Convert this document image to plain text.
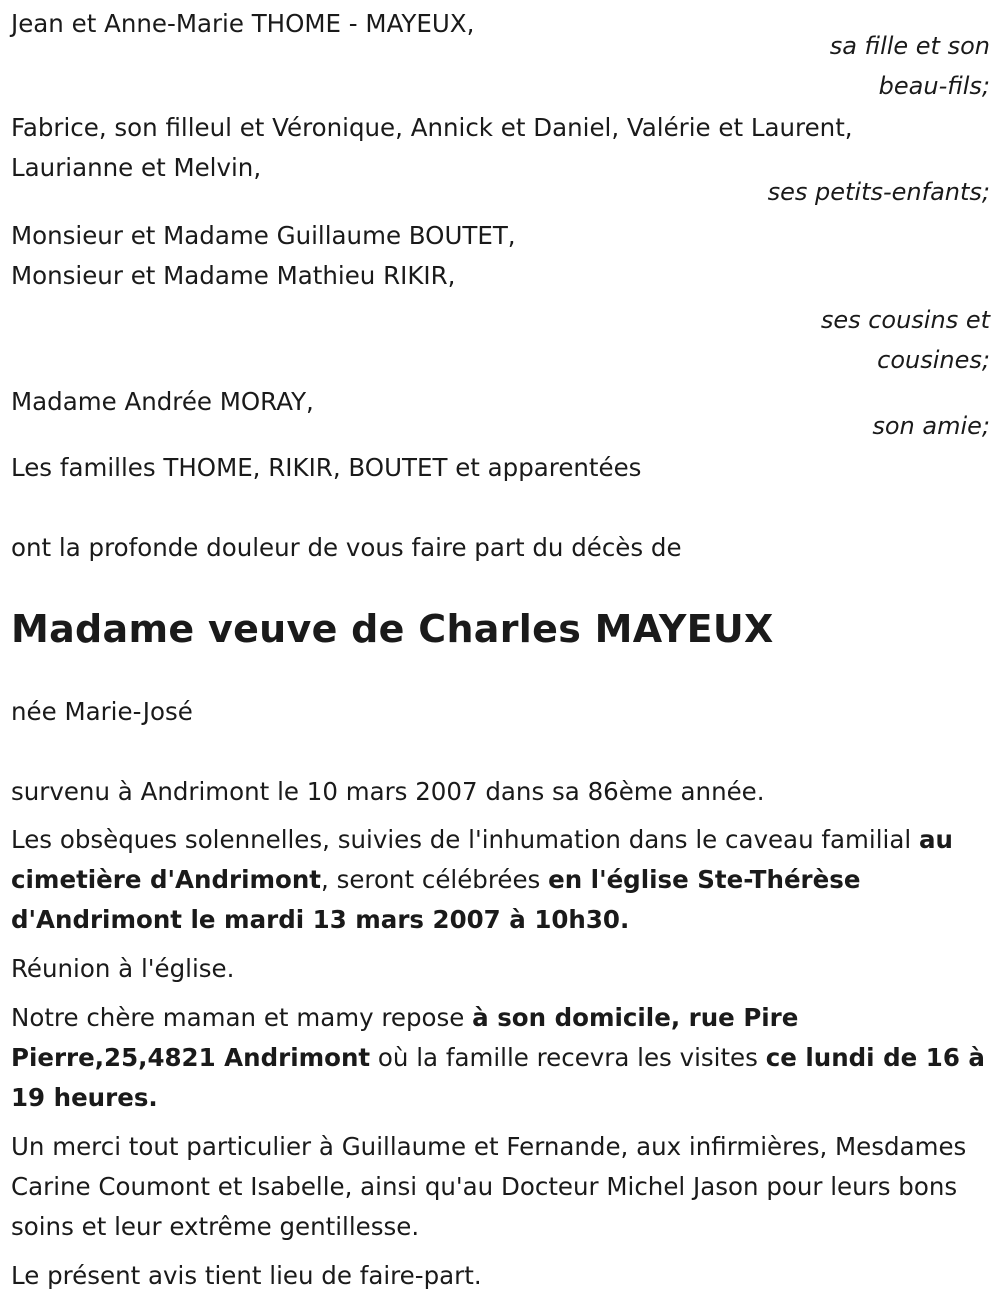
Jean et Anne-Marie THOME - MAYEUX,

sa fille et son

beau-fils;

Fabrice, son filleul et Véronique, Annick et Daniel, Valérie et Laurent,

Laurianne et Melvin,

ses petits-enfants;

Monsieur et Madame Guillaume BOUTET,

Monsieur et Madame Mathieu RIKIR,

ses cousins et

cousines;

Madame Andrée MORAY,

son amie;

Les familles THOME, RIKIR, BOUTET et apparentées

ont la profonde douleur de vous faire part du décès de

Madame veuve de Charles MAYEUX

née Marie-José

survenu à Andrimont le 10 mars 2007 dans sa 86ème année.

Les obsèques solennelles, suivies de l'inhumation dans le caveau familial au cimetière d'Andrimont, seront célébrées en l'église Ste-Thérèse d'Andrimont le mardi 13 mars 2007 à 10h30.

Réunion à l'église.

Notre chère maman et mamy repose à son domicile, rue Pire Pierre,25,4821 Andrimont où la famille recevra les visites ce lundi de 16 à 19 heures.

Un merci tout particulier à Guillaume et Fernande, aux infirmières, Mesdames Carine Coumont et Isabelle, ainsi qu'au Docteur Michel Jason pour leurs bons soins et leur extrême gentillesse.

Le présent avis tient lieu de faire-part.
